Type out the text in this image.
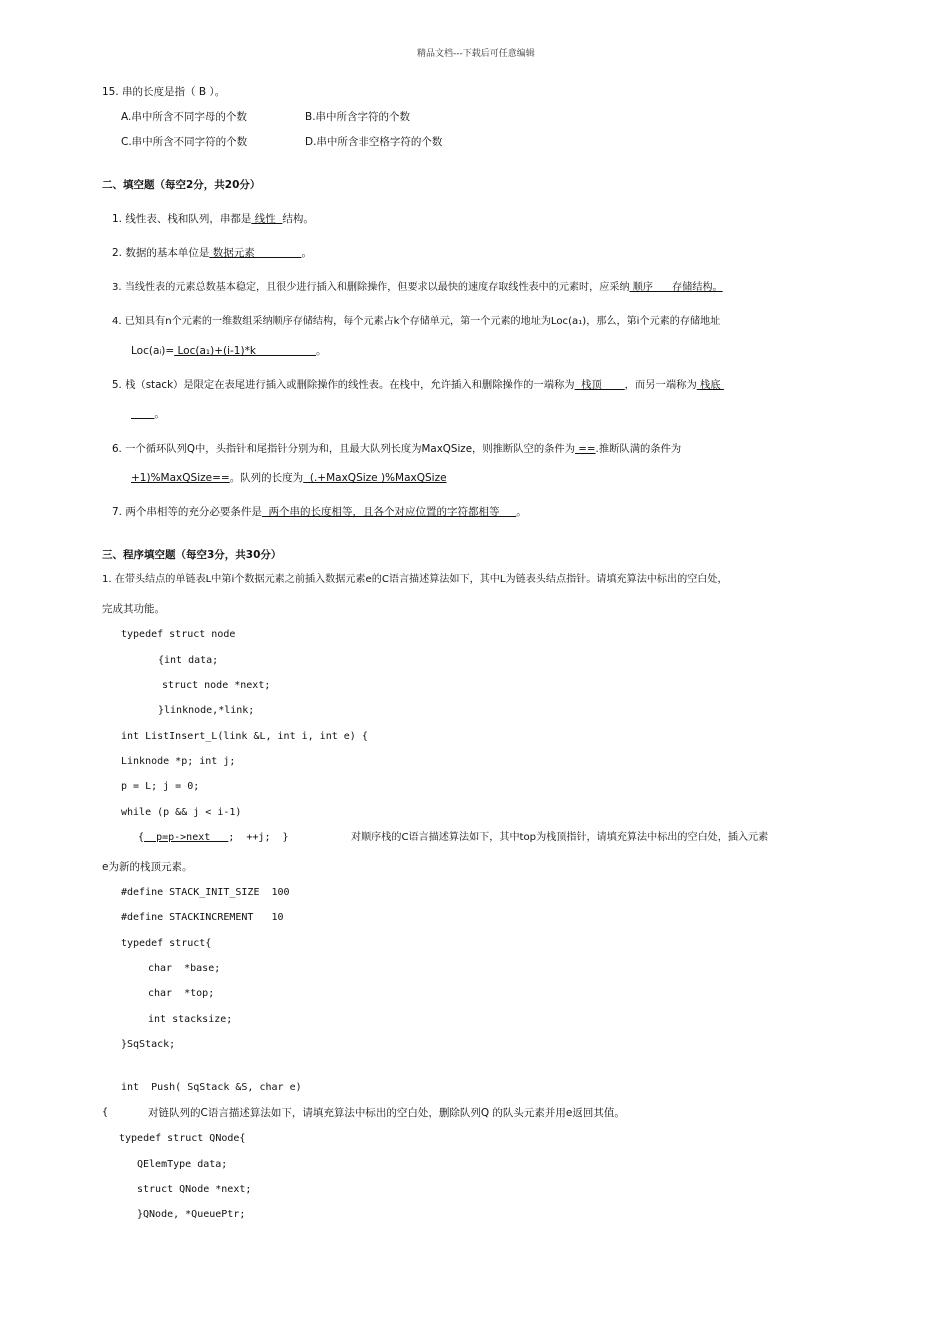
精品文档---下载后可任意编辑
15. 串的长度是指（ B ）。
A.串中所含不同字母的个数	B.串中所含字符的个数
C.串中所含不同字符的个数	D.串中所含非空格字符的个数
二、填空题（每空2分，共20分）
1. 线性表、栈和队列，串都是 线性  结构。
2. 数据的基本单位是 数据元素              。
3. 当线性表的元素总数基本稳定，且很少进行插入和删除操作，但要求以最快的速度存取线性表中的元素时，应采纳 顺序      存储结构。
4. 已知具有n个元素的一维数组采纳顺序存储结构，每个元素占k个存储单元，第一个元素的地址为Loc(a₁)，那么，第i个元素的存储地址
Loc(aᵢ)= Loc(a₁)+(i-1)*k                  。
5. 栈（stack）是限定在表尾进行插入或删除操作的线性表。在栈中，允许插入和删除操作的一端称为  栈顶       ，而另一端称为 栈底
。
6. 一个循环队列Q中，头指针和尾指针分别为和，且最大队列长度为MaxQSize，则推断队空的条件为 ==.推断队满的条件为
+1)%MaxQSize==。队列的长度为  (.+MaxQSize )%MaxQSize
7. 两个串相等的充分必要条件是  两个串的长度相等，且各个对应位置的字符都相等     。
三、程序填空题（每空3分，共30分）
1. 在带头结点的单链表L中第i个数据元素之前插入数据元素e的C语言描述算法如下，其中L为链表头结点指针。请填充算法中标出的空白处，
完成其功能。
typedef struct node
{int data;
struct node *next;
}linknode,*link;
int ListInsert_L(link &L, int i, int e) {
Linknode *p; int j;
p = L; j = 0;
while (p && j < i-1)
{  p=p->next   ;  ++j;  }	对顺序栈的C语言描述算法如下，其中top为栈顶指针，请填充算法中标出的空白处，插入元素
e为新的栈顶元素。
#define STACK_INIT_SIZE  100
#define STACKINCREMENT   10
typedef struct{
char  *base;
char  *top;
int stacksize;
}SqStack;
int  Push( SqStack &S, char e)
{	对链队列的C语言描述算法如下，请填充算法中标出的空白处，删除队列Q 的队头元素并用e返回其值。
typedef struct QNode{
QElemType data;
struct QNode *next;
}QNode, *QueuePtr;
